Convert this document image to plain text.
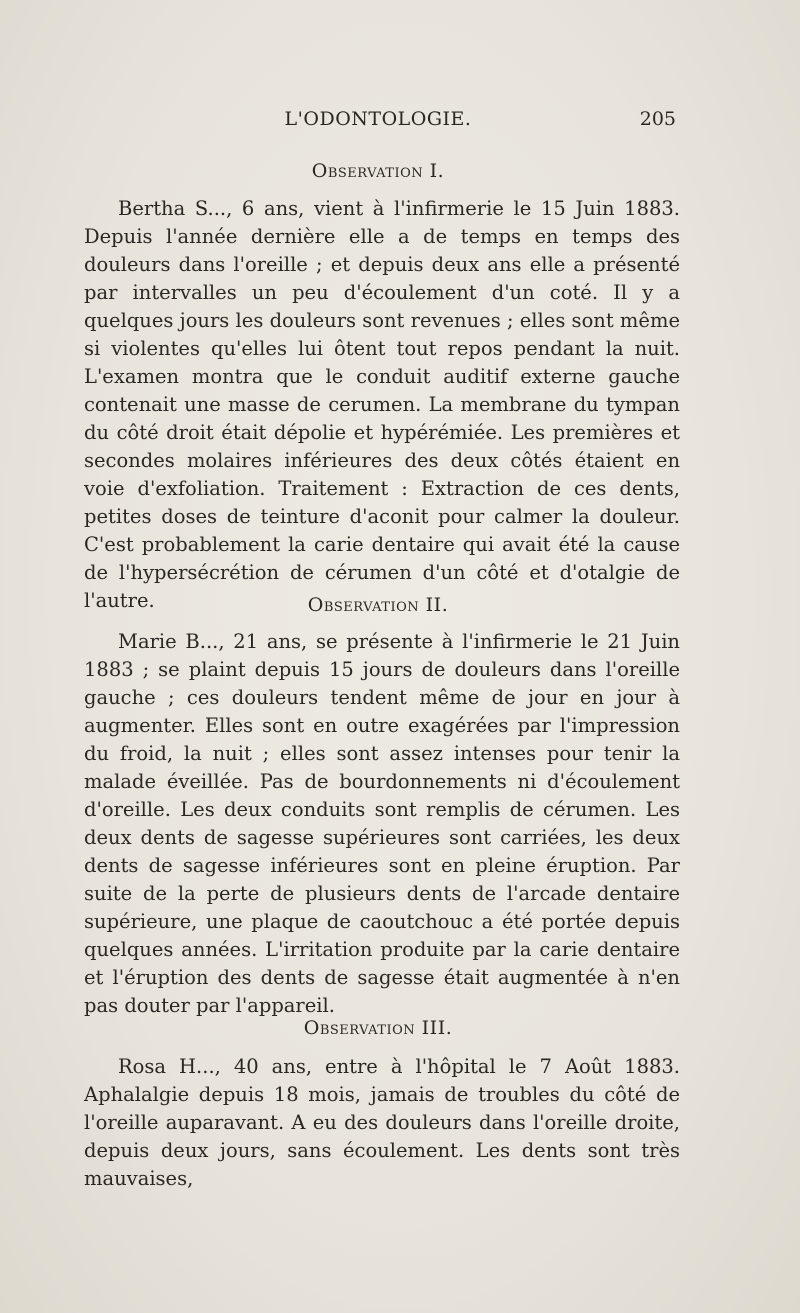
L'ODONTOLOGIE.	205
Observation I.

Bertha S..., 6 ans, vient à l'infirmerie le 15 Juin 1883. Depuis l'année dernière elle a de temps en temps des douleurs dans l'oreille ; et depuis deux ans elle a présenté par intervalles un peu d'écoulement d'un coté. Il y a quelques jours les douleurs sont revenues ; elles sont même si violentes qu'elles lui ôtent tout repos pendant la nuit. L'examen montra que le conduit auditif externe gauche contenait une masse de cerumen. La membrane du tympan du côté droit était dépolie et hypérémiée. Les premières et secondes molaires inférieures des deux côtés étaient en voie d'exfoliation. Traitement : Extraction de ces dents, petites doses de teinture d'aconit pour calmer la douleur. C'est probablement la carie dentaire qui avait été la cause de l'hypersécrétion de cérumen d'un côté et d'otalgie de l'autre.	Observation II.

Marie B..., 21 ans, se présente à l'infirmerie le 21 Juin 1883 ; se plaint depuis 15 jours de douleurs dans l'oreille gauche ; ces douleurs tendent même de jour en jour à augmenter. Elles sont en outre exagérées par l'impression du froid, la nuit ; elles sont assez intenses pour tenir la malade éveillée. Pas de bourdonnements ni d'écoulement d'oreille. Les deux conduits sont remplis de cérumen. Les deux dents de sagesse supérieures sont carriées, les deux dents de sagesse inférieures sont en pleine éruption. Par suite de la perte de plusieurs dents de l'arcade dentaire supérieure, une plaque de caoutchouc a été portée depuis quelques années. L'irritation produite par la carie dentaire et l'éruption des dents de sagesse était augmentée à n'en pas douter par l'appareil.

Observation III.

Rosa H..., 40 ans, entre à l'hôpital le 7 Août 1883. Aphalalgie depuis 18 mois, jamais de troubles du côté de l'oreille auparavant. A eu des douleurs dans l'oreille droite, depuis deux jours, sans écoulement. Les dents sont très mauvaises,
